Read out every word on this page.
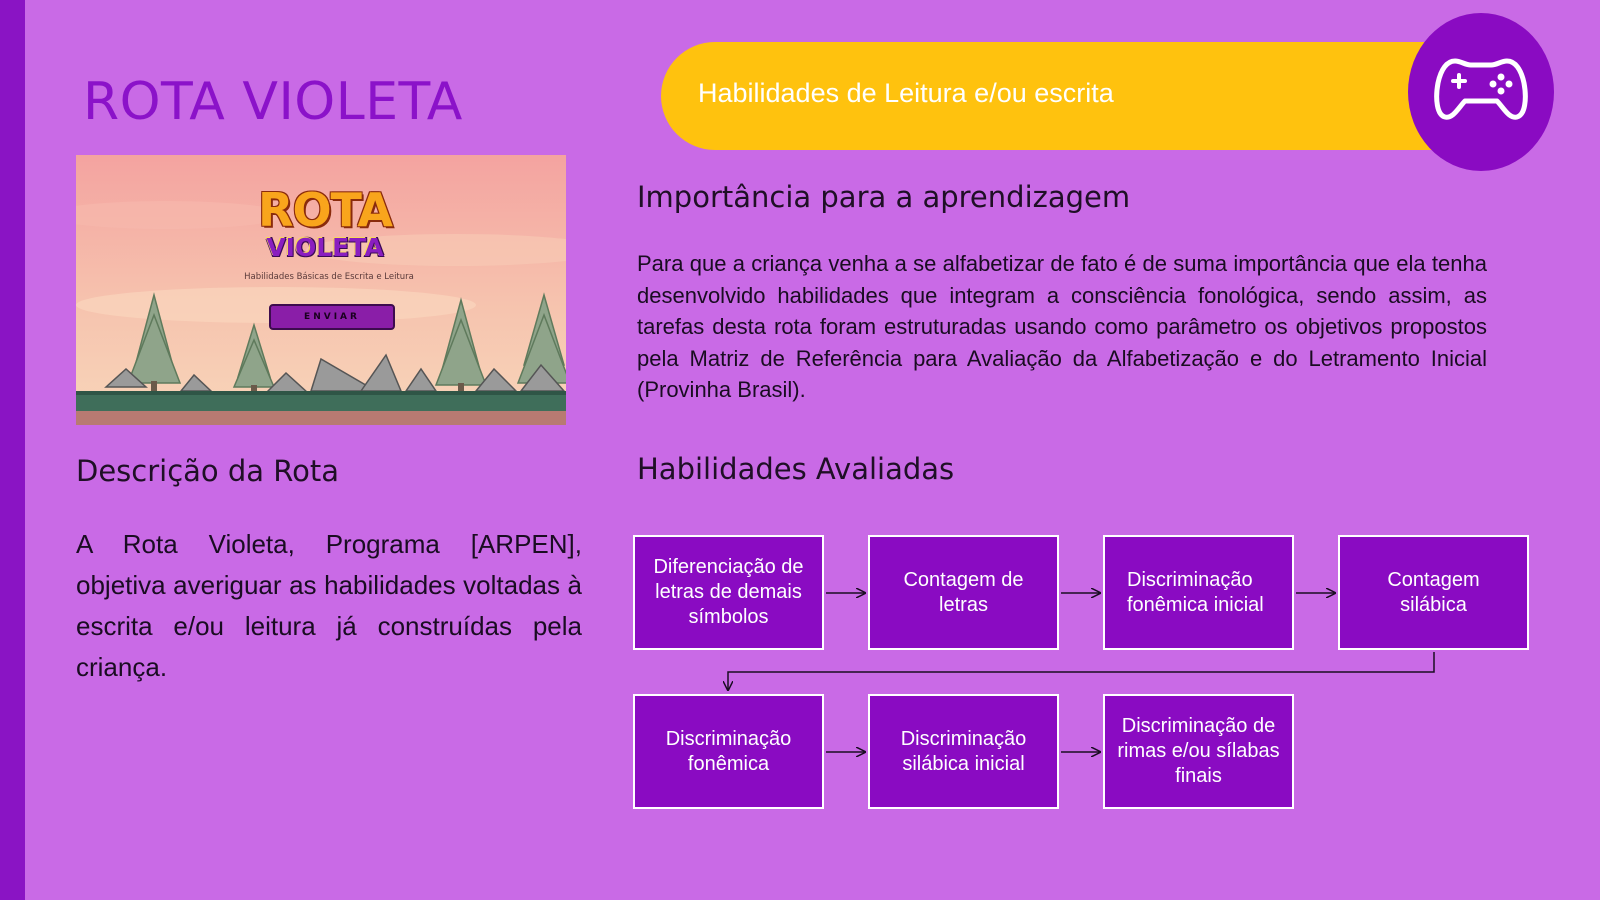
ROTA VIOLETA
ROTA
VIOLETA
Habilidades Básicas de Escrita e Leitura
ENVIAR
Descrição da Rota

A Rota Violeta, Programa [ARPEN], objetiva averiguar as habilidades voltadas à escrita e/ou leitura já construídas pela criança.

Habilidades de Leitura e/ou escrita
Importância para a aprendizagem

Para que a criança venha a se alfabetizar de fato é de suma importância que ela tenha desenvolvido habilidades que integram a consciência fonológica, sendo assim, as tarefas desta rota foram estruturadas usando como parâmetro os objetivos propostos pela Matriz de Referência para Avaliação da Alfabetização e do Letramento Inicial (Provinha Brasil).

Habilidades Avaliadas
Diferenciação de letras de demais símbolos
Contagem de letras
Discriminação fonêmica inicial
Contagem silábica
Discriminação fonêmica
Discriminação silábica inicial
Discriminação de rimas e/ou sílabas finais
